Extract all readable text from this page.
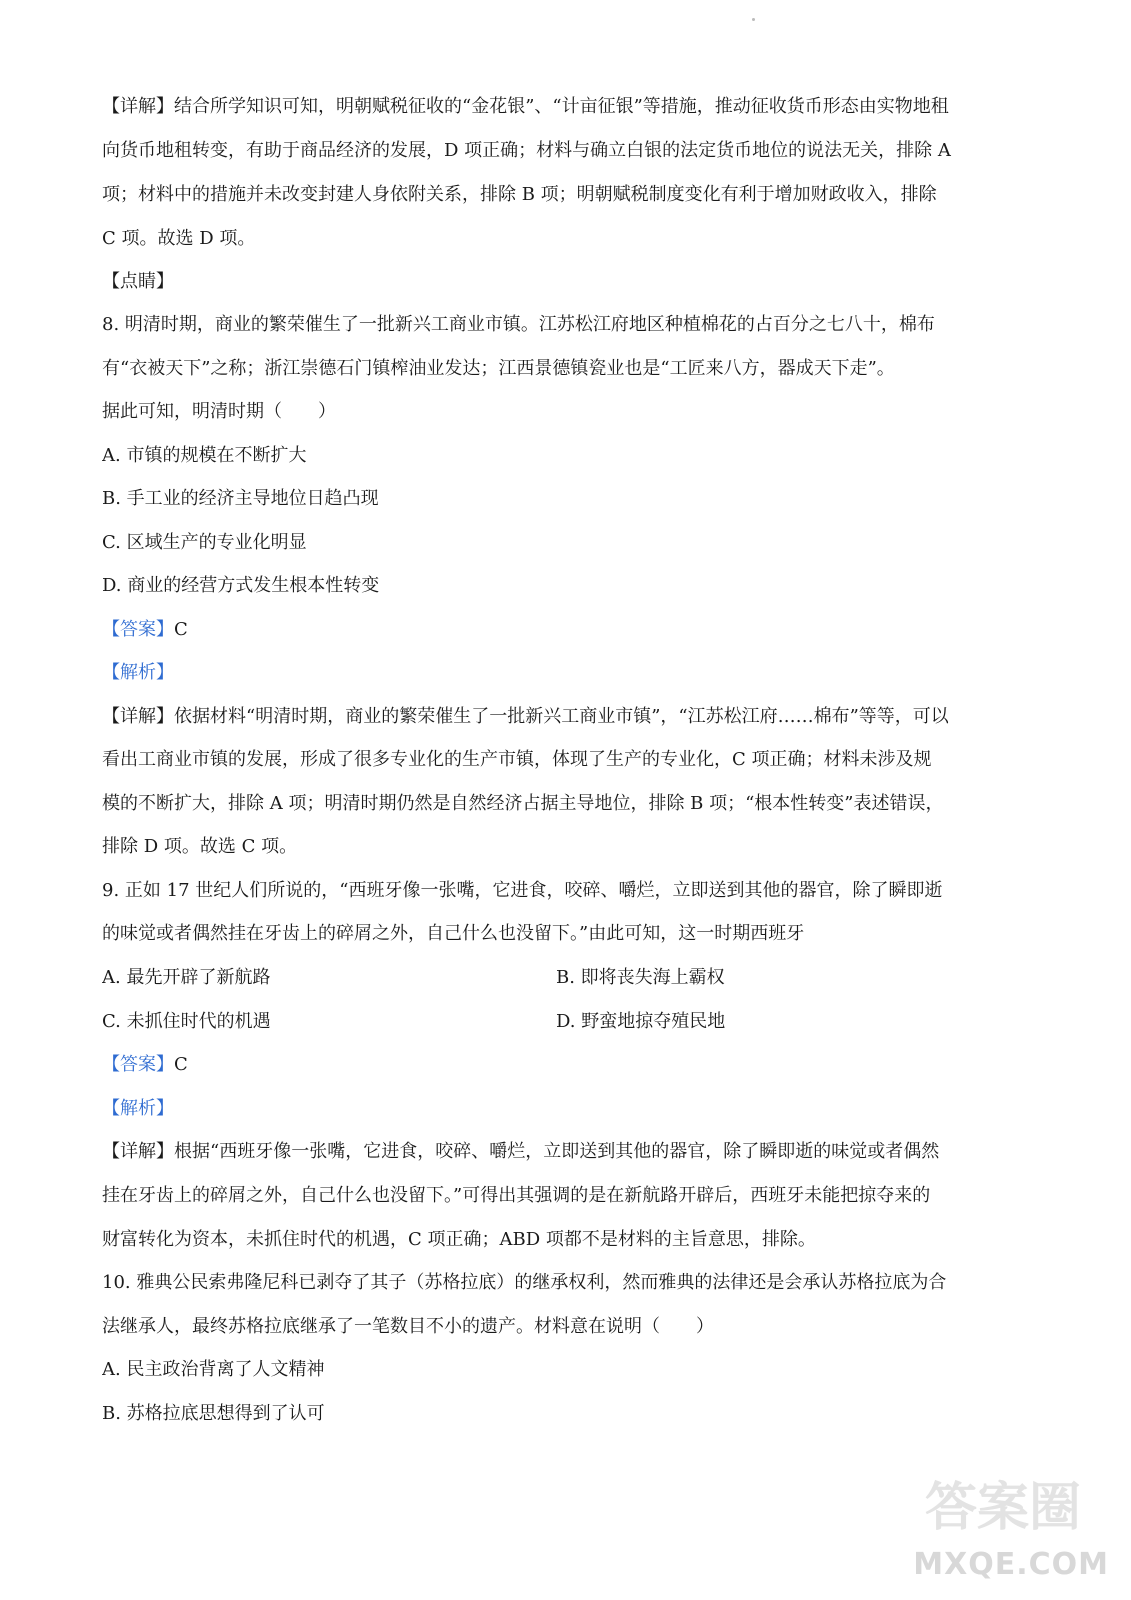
【详解】结合所学知识可知，明朝赋税征收的“金花银”、“计亩征银”等措施，推动征收货币形态由实物地租
向货币地租转变，有助于商品经济的发展，D 项正确；材料与确立白银的法定货币地位的说法无关，排除 A
项；材料中的措施并未改变封建人身依附关系，排除 B 项；明朝赋税制度变化有利于增加财政收入，排除
C 项。故选 D 项。
【点睛】
8. 明清时期，商业的繁荣催生了一批新兴工商业市镇。江苏松江府地区种植棉花的占百分之七八十，棉布
有“衣被天下”之称；浙江崇德石门镇榨油业发达；江西景德镇瓷业也是“工匠来八方，器成天下走”。
据此可知，明清时期（　　）
A. 市镇的规模在不断扩大
B. 手工业的经济主导地位日趋凸现
C. 区域生产的专业化明显
D. 商业的经营方式发生根本性转变
【答案】C
【解析】
【详解】依据材料“明清时期，商业的繁荣催生了一批新兴工商业市镇”，“江苏松江府……棉布”等等，可以
看出工商业市镇的发展，形成了很多专业化的生产市镇，体现了生产的专业化，C 项正确；材料未涉及规
模的不断扩大，排除 A 项；明清时期仍然是自然经济占据主导地位，排除 B 项；“根本性转变”表述错误，
排除 D 项。故选 C 项。
9. 正如 17 世纪人们所说的，“西班牙像一张嘴，它进食，咬碎、嚼烂，立即送到其他的器官，除了瞬即逝
的味觉或者偶然挂在牙齿上的碎屑之外，自己什么也没留下。”由此可知，这一时期西班牙
A. 最先开辟了新航路	B. 即将丧失海上霸权
C. 未抓住时代的机遇	D. 野蛮地掠夺殖民地
【答案】C
【解析】
【详解】根据“西班牙像一张嘴，它进食，咬碎、嚼烂，立即送到其他的器官，除了瞬即逝的味觉或者偶然
挂在牙齿上的碎屑之外，自己什么也没留下。”可得出其强调的是在新航路开辟后，西班牙未能把掠夺来的
财富转化为资本，未抓住时代的机遇，C 项正确；ABD 项都不是材料的主旨意思，排除。
10. 雅典公民索弗隆尼科已剥夺了其子（苏格拉底）的继承权利，然而雅典的法律还是会承认苏格拉底为合
法继承人，最终苏格拉底继承了一笔数目不小的遗产。材料意在说明（　　）
A. 民主政治背离了人文精神
B. 苏格拉底思想得到了认可
答案圈
MXQE.COM
